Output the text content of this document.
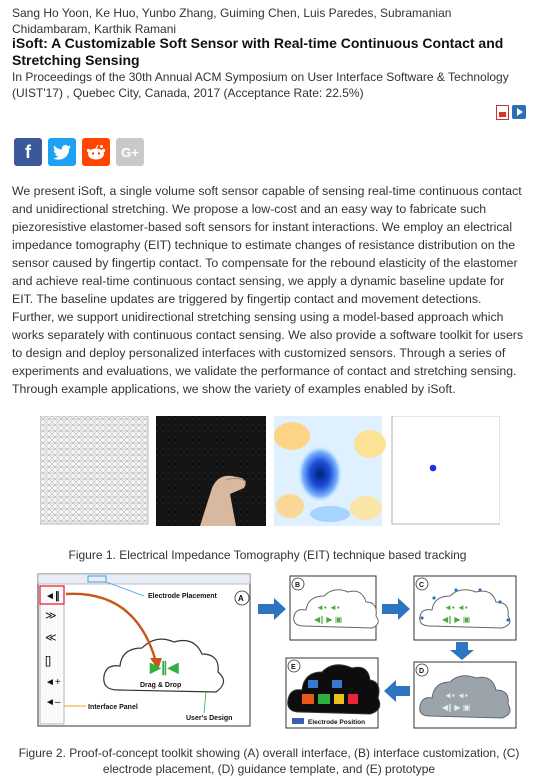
Sang Ho Yoon, Ke Huo, Yunbo Zhang, Guiming Chen, Luis Paredes, Subramanian Chidambaram, Karthik Ramani
iSoft: A Customizable Soft Sensor with Real-time Continuous Contact and Stretching Sensing
In Proceedings of the 30th Annual ACM Symposium on User Interface Software & Technology (UIST'17) , Quebec City, Canada, 2017 (Acceptance Rate: 22.5%)
f	G+
We present iSoft, a single volume soft sensor capable of sensing real-time continuous contact and unidirectional stretching. We propose a low-cost and an easy way to fabricate such piezoresistive elastomer-based soft sensors for instant interactions. We employ an electrical impedance tomography (EIT) technique to estimate changes of resistance distribution on the sensor caused by fingertip contact. To compensate for the rebound elasticity of the elastomer and achieve real-time continuous contact sensing, we apply a dynamic baseline update for EIT. The baseline updates are triggered by fingertip contact and movement detections. Further, we support unidirectional stretching sensing using a model-based approach which works separately with continuous contact sensing. We also provide a software toolkit for users to design and deploy personalized interfaces with customized sensors. Through a series of experiments and evaluations, we validate the performance of contact and stretching sensing. Through example applications, we show the variety of examples enabled by iSoft.
Figure 1. Electrical Impedance Tomography (EIT) technique based tracking
◄∥
≫
≪
[]
◄+
◄–
▶∥◀
Drag & Drop
Electrode Placement	A
Interface Panel
User's Design
◄▪ ◄▪
◀∥ ▶ ▣
B
◄▪ ◄▪
◀∥ ▶ ▣
C
◄▪ ◄▪
◀∥ ▶ ▣
D
E
Electrode Position
Figure 2. Proof-of-concept toolkit showing (A) overall interface, (B) interface customization, (C) electrode placement, (D) guidance template, and (E) prototype
